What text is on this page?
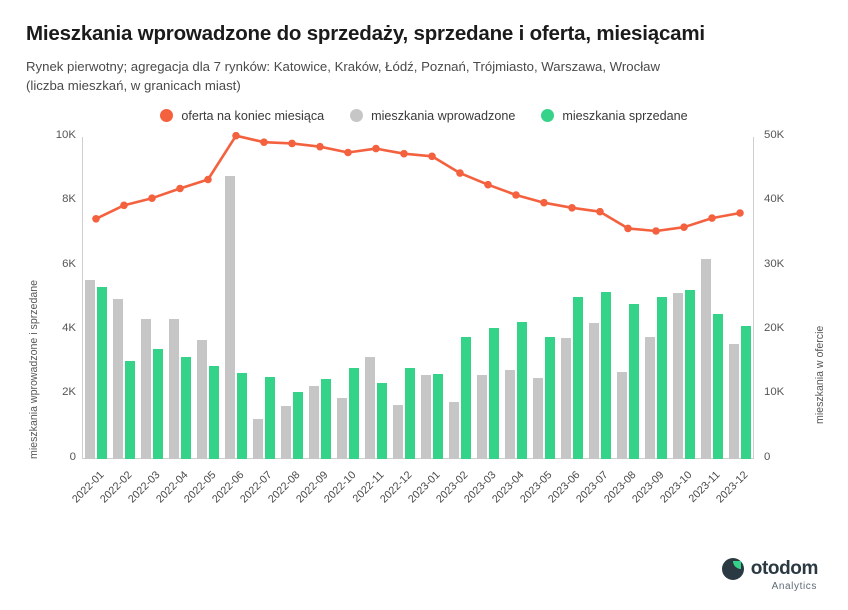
Mieszkania wprowadzone do sprzedaży, sprzedane i oferta, miesiącami

Rynek pierwotny; agregacja dla 7 rynków: Katowice, Kraków, Łódź, Poznań, Trójmiasto, Warszawa, Wrocław
(liczba mieszkań, w granicach miast)

oferta na koniec miesiąca	mieszkania wprowadzone	mieszkania sprzedane
mieszkania wprowadzone i sprzedane	mieszkania w ofercie
0
2K
4K
6K
8K
10K
0
10K
20K
30K
40K
50K
2022-01
2022-02
2022-03
2022-04
2022-05
2022-06
2022-07
2022-08
2022-09
2022-10
2022-11
2022-12
2023-01
2023-02
2023-03
2023-04
2023-05
2023-06
2023-07
2023-08
2023-09
2023-10
2023-11
2023-12
otodom
Analytics
